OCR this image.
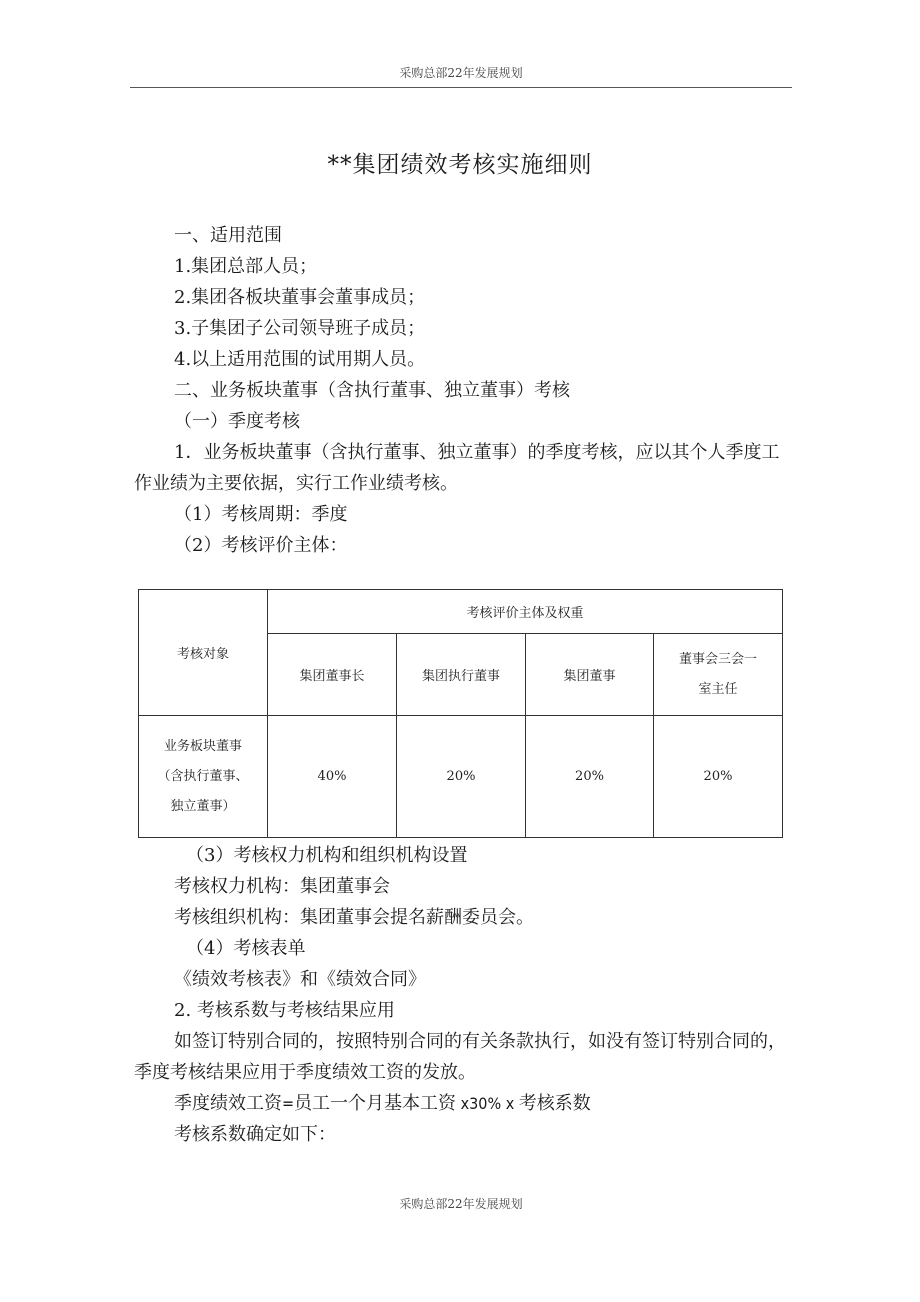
采购总部22年发展规划
**集团绩效考核实施细则
一、适用范围
1.集团总部人员；
2.集团各板块董事会董事成员；
3.子集团子公司领导班子成员；
4.以上适用范围的试用期人员。
二、业务板块董事（含执行董事、独立董事）考核
（一）季度考核
1．业务板块董事（含执行董事、独立董事）的季度考核，应以其个人季度工作业绩为主要依据，实行工作业绩考核。
（1）考核周期：季度
（2）考核评价主体：
考核对象	考核评价主体及权重			
	集团董事长	集团执行董事	集团董事	董事会三会一
室主任

业务板块董事
（含执行董事、
独立董事）	40%	20%	20%	20%
（3）考核权力机构和组织机构设置
考核权力机构：集团董事会
考核组织机构：集团董事会提名薪酬委员会。
（4）考核表单
《绩效考核表》和《绩效合同》
2. 考核系数与考核结果应用
如签订特别合同的，按照特别合同的有关条款执行，如没有签订特别合同的，季度考核结果应用于季度绩效工资的发放。
季度绩效工资=员工一个月基本工资 x30% x 考核系数
考核系数确定如下：
采购总部22年发展规划
